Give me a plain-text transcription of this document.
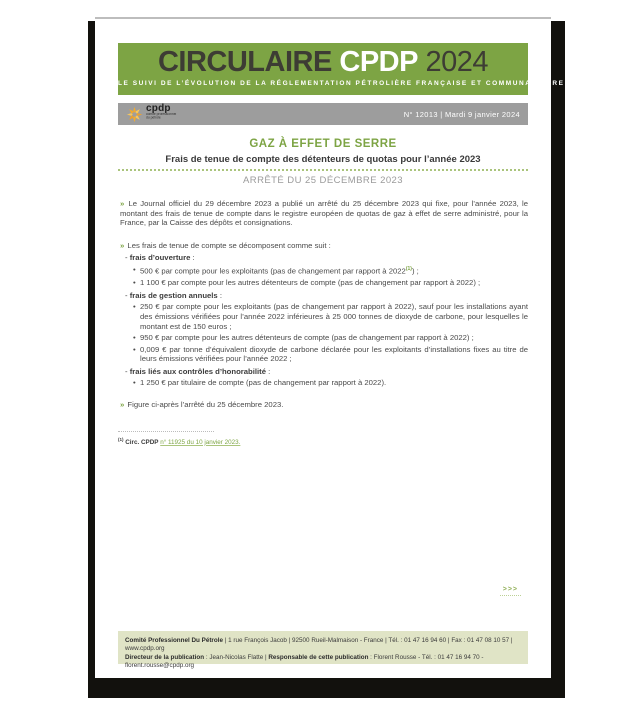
CIRCULAIRE CPDP 2024
LE SUIVI DE L’ÉVOLUTION DE LA RÉGLEMENTATION PÉTROLIÈRE FRANÇAISE ET COMMUNAUTAIRE
cpdp
comité professionnel du pétrole	N° 12013 | Mardi 9 janvier 2024
GAZ À EFFET DE SERRE
Frais de tenue de compte des détenteurs de quotas pour l’année 2023
ARRÊTÉ DU 25 DÉCEMBRE 2023

» Le Journal officiel du 29 décembre 2023 a publié un arrêté du 25 décembre 2023 qui fixe, pour l’année 2023, le montant des frais de tenue de compte dans le registre européen de quotas de gaz à effet de serre administré, pour la France, par la Caisse des dépôts et consignations.

» Les frais de tenue de compte se décomposent comme suit :

- frais d’ouverture :
• 500 € par compte pour les exploitants (pas de changement par rapport à 2022$^{(1)}$) ;
• 1 100 € par compte pour les autres détenteurs de compte (pas de changement par rapport à 2022) ;
- frais de gestion annuels :
• 250 € par compte pour les exploitants (pas de changement par rapport à 2022), sauf pour les installations ayant des émissions vérifiées pour l’année 2022 inférieures à 25 000 tonnes de dioxyde de carbone, pour lesquelles le montant est de 150 euros ;
• 950 € par compte pour les autres détenteurs de compte (pas de changement par rapport à 2022) ;
• 0,009 € par tonne d’équivalent dioxyde de carbone déclarée pour les exploitants d’installations fixes au titre de leurs émissions vérifiées pour l’année 2022 ;
- frais liés aux contrôles d’honorabilité :
• 1 250 € par titulaire de compte (pas de changement par rapport à 2022).

» Figure ci-après l’arrêté du 25 décembre 2023.

$^{(1)}$ Circ. CPDP n° 11925 du 10 janvier 2023.
>>>
Comité Professionnel Du Pétrole | 1 rue François Jacob | 92500 Rueil-Malmaison - France | Tél. : 01 47 16 94 60 | Fax : 01 47 08 10 57 | www.cpdp.org
Directeur de la publication : Jean-Nicolas Flatte | Responsable de cette publication : Florent Rousse - Tél. : 01 47 16 94 70 - florent.rousse@cpdp.org
